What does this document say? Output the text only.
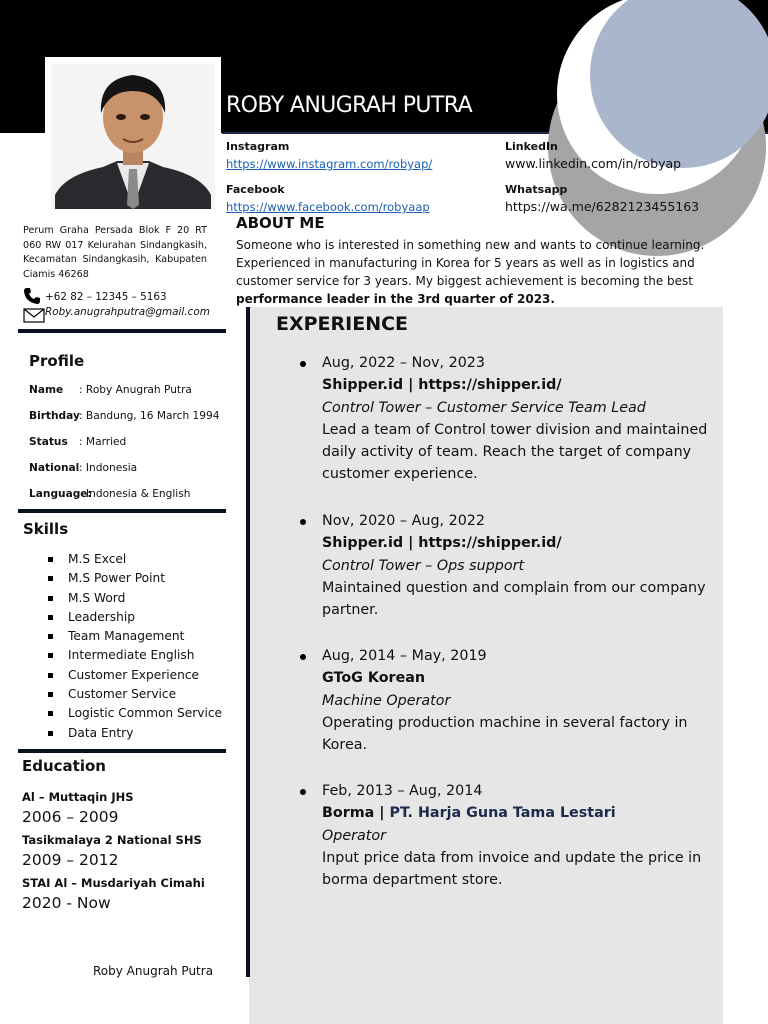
ROBY ANUGRAH PUTRA
Instagram
https://www.instagram.com/robyap/
Facebook
https://www.facebook.com/robyaap
LinkedIn
www.linkedin.com/in/robyap
Whatsapp
https://wa.me/6282123455163
ABOUT ME
Someone who is interested in something new and wants to continue learning. Experienced in manufacturing in Korea for 5 years as well as in logistics and customer service for 3 years. My biggest achievement is becoming the best performance leader in the 3rd quarter of 2023.
Perum Graha Persada Blok F 20 RT 060 RW 017 Kelurahan Sindangkasih, Kecamatan Sindangkasih, Kabupaten Ciamis 46268
+62 82 – 12345 – 5163
Roby.anugrahputra@gmail.com
Profile
Name : Roby Anugrah Putra
Birthday: Bandung, 16 March 1994
Status : Married
National: Indonesia
Language:Indonesia & English
Skills
M.S Excel
M.S Power Point
M.S Word
Leadership
Team Management
Intermediate English
Customer Experience
Customer Service
Logistic Common Service
Data Entry
Education
Al – Muttaqin JHS
2006 – 2009
Tasikmalaya 2 National SHS
2009 – 2012
STAI Al – Musdariyah Cimahi
2020 - Now
Roby Anugrah Putra
EXPERIENCE
Aug, 2022 – Nov, 2023
Shipper.id | https://shipper.id/
Control Tower – Customer Service Team Lead
Lead a team of Control tower division and maintained daily activity of team. Reach the target of company customer experience.
Nov, 2020 – Aug, 2022
Shipper.id | https://shipper.id/
Control Tower – Ops support
Maintained question and complain from our company partner.
Aug, 2014 – May, 2019
GToG Korean
Machine Operator
Operating production machine in several factory in Korea.
Feb, 2013 – Aug, 2014
Borma | PT. Harja Guna Tama Lestari
Operator
Input price data from invoice and update the price in borma department store.
